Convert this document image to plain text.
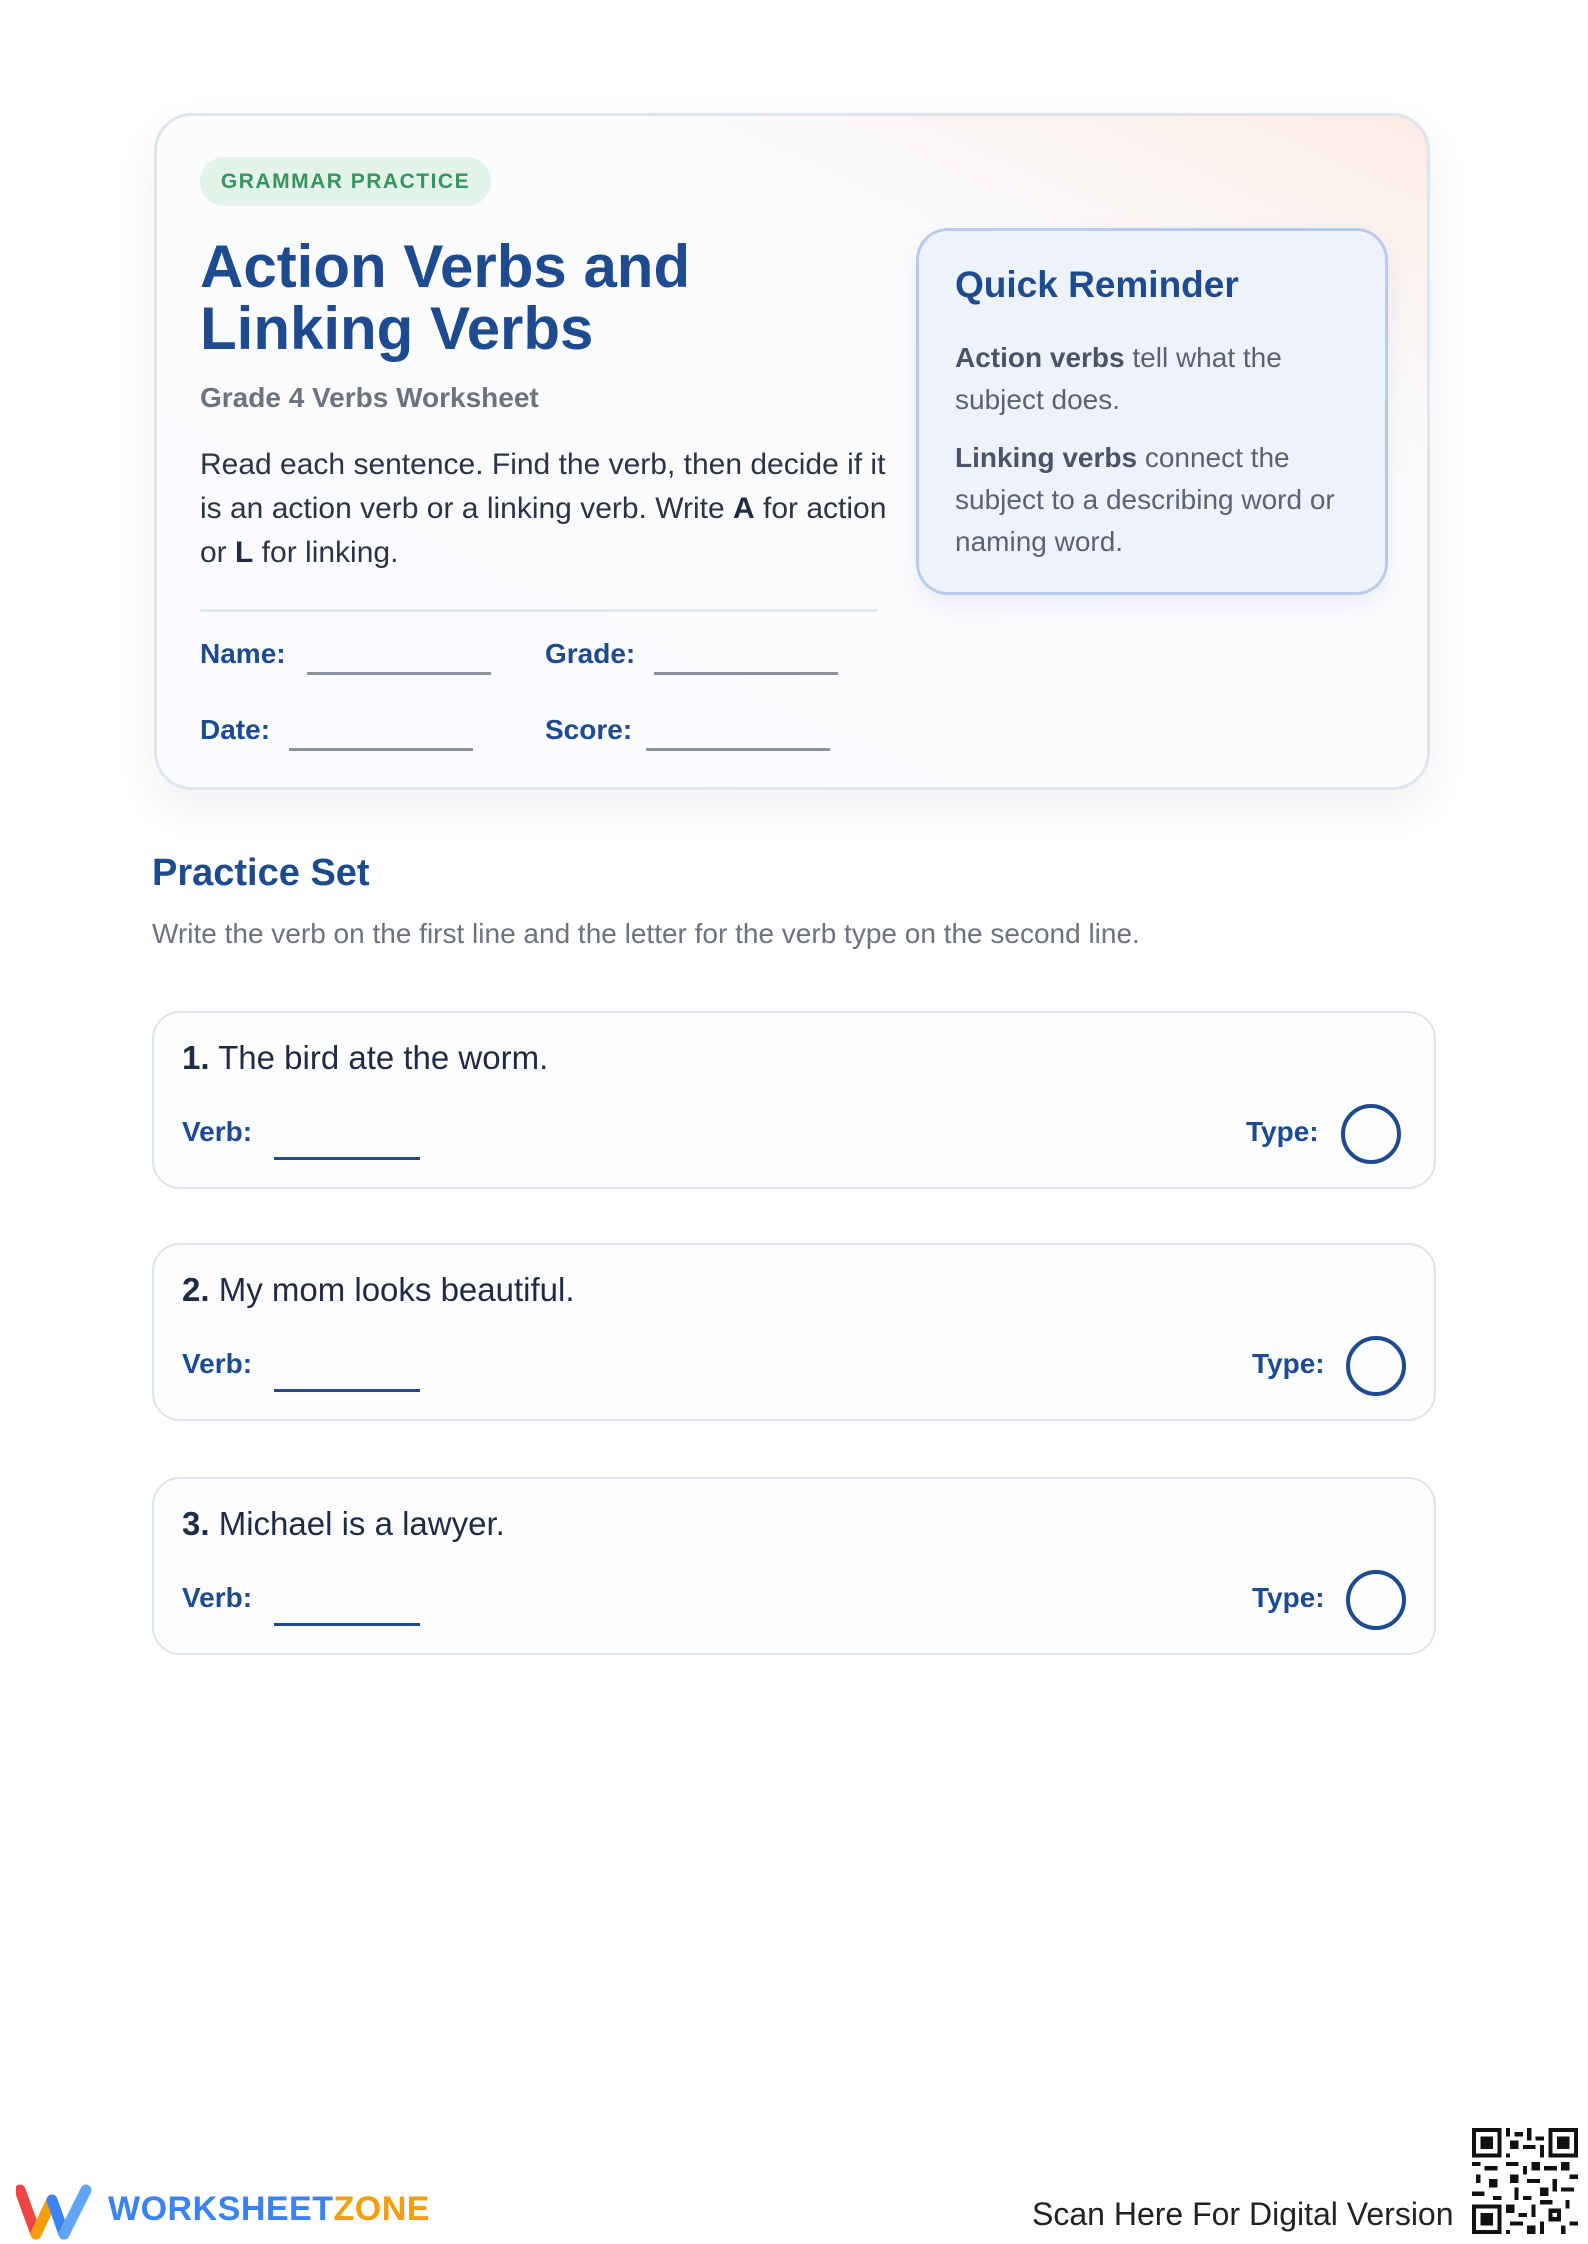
GRAMMAR PRACTICE
Action Verbs and Linking Verbs
Grade 4 Verbs Worksheet
Read each sentence. Find the verb, then decide if it is an action verb or a linking verb. Write A for action or L for linking.
Name:	Grade:
Date:	Score:
Quick Reminder
Action verbs tell what the subject does.
Linking verbs connect the subject to a describing word or naming word.
Practice Set
Write the verb on the first line and the letter for the verb type on the second line.
1. The bird ate the worm.
Verb:	Type:
2. My mom looks beautiful.
Verb:	Type:
3. Michael is a lawyer.
Verb:	Type:
WORKSHEETZONE	Scan Here For Digital Version
